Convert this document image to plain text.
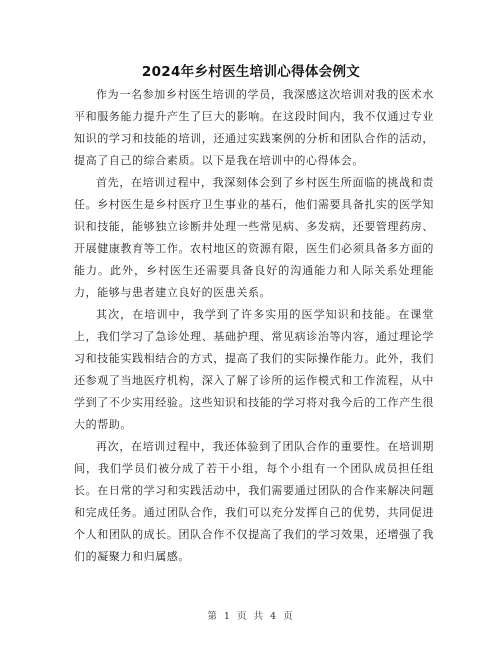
2024年乡村医生培训心得体会例文

作为一名参加乡村医生培训的学员，我深感这次培训对我的医术水平和服务能力提升产生了巨大的影响。在这段时间内，我不仅通过专业知识的学习和技能的培训，还通过实践案例的分析和团队合作的活动，提高了自己的综合素质。以下是我在培训中的心得体会。

首先，在培训过程中，我深刻体会到了乡村医生所面临的挑战和责任。乡村医生是乡村医疗卫生事业的基石，他们需要具备扎实的医学知识和技能，能够独立诊断并处理一些常见病、多发病，还要管理药房、开展健康教育等工作。农村地区的资源有限，医生们必须具备多方面的能力。此外，乡村医生还需要具备良好的沟通能力和人际关系处理能力，能够与患者建立良好的医患关系。

其次，在培训中，我学到了许多实用的医学知识和技能。在课堂上，我们学习了急诊处理、基础护理、常见病诊治等内容，通过理论学习和技能实践相结合的方式，提高了我们的实际操作能力。此外，我们还参观了当地医疗机构，深入了解了诊所的运作模式和工作流程，从中学到了不少实用经验。这些知识和技能的学习将对我今后的工作产生很大的帮助。

再次，在培训过程中，我还体验到了团队合作的重要性。在培训期间，我们学员们被分成了若干小组，每个小组有一个团队成员担任组长。在日常的学习和实践活动中，我们需要通过团队的合作来解决问题和完成任务。通过团队合作，我们可以充分发挥自己的优势，共同促进个人和团队的成长。团队合作不仅提高了我们的学习效果，还增强了我们的凝聚力和归属感。

第 1 页 共 4 页
